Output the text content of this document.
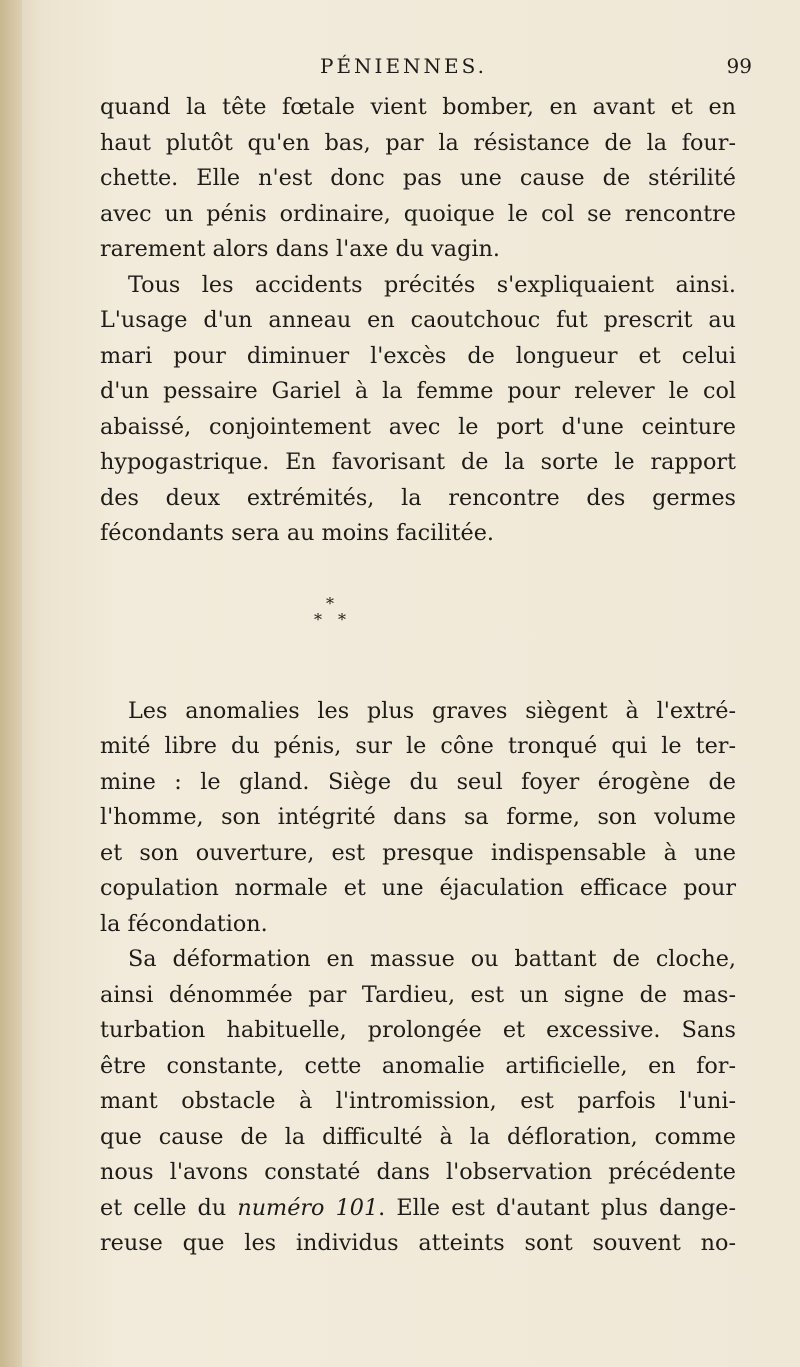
PÉNIENNES.	99
quand la tête fœtale vient bomber, en avant et en
haut plutôt qu'en bas, par la résistance de la four-
chette. Elle n'est donc pas une cause de stérilité
avec un pénis ordinaire, quoique le col se rencontre
rarement alors dans l'axe du vagin.
Tous les accidents précités s'expliquaient ainsi.
L'usage d'un anneau en caoutchouc fut prescrit au
mari pour diminuer l'excès de longueur et celui
d'un pessaire Gariel à la femme pour relever le col
abaissé, conjointement avec le port d'une ceinture
hypogastrique. En favorisant de la sorte le rapport
des deux extrémités, la rencontre des germes
fécondants sera au moins facilitée.
*
* *
Les anomalies les plus graves siègent à l'extré-
mité libre du pénis, sur le cône tronqué qui le ter-
mine : le gland. Siège du seul foyer érogène de
l'homme, son intégrité dans sa forme, son volume
et son ouverture, est presque indispensable à une
copulation normale et une éjaculation efficace pour
la fécondation.
Sa déformation en massue ou battant de cloche,
ainsi dénommée par Tardieu, est un signe de mas-
turbation habituelle, prolongée et excessive. Sans
être constante, cette anomalie artificielle, en for-
mant obstacle à l'intromission, est parfois l'uni-
que cause de la difficulté à la défloration, comme
nous l'avons constaté dans l'observation précédente
et celle du numéro 101. Elle est d'autant plus dange-
reuse que les individus atteints sont souvent no-
